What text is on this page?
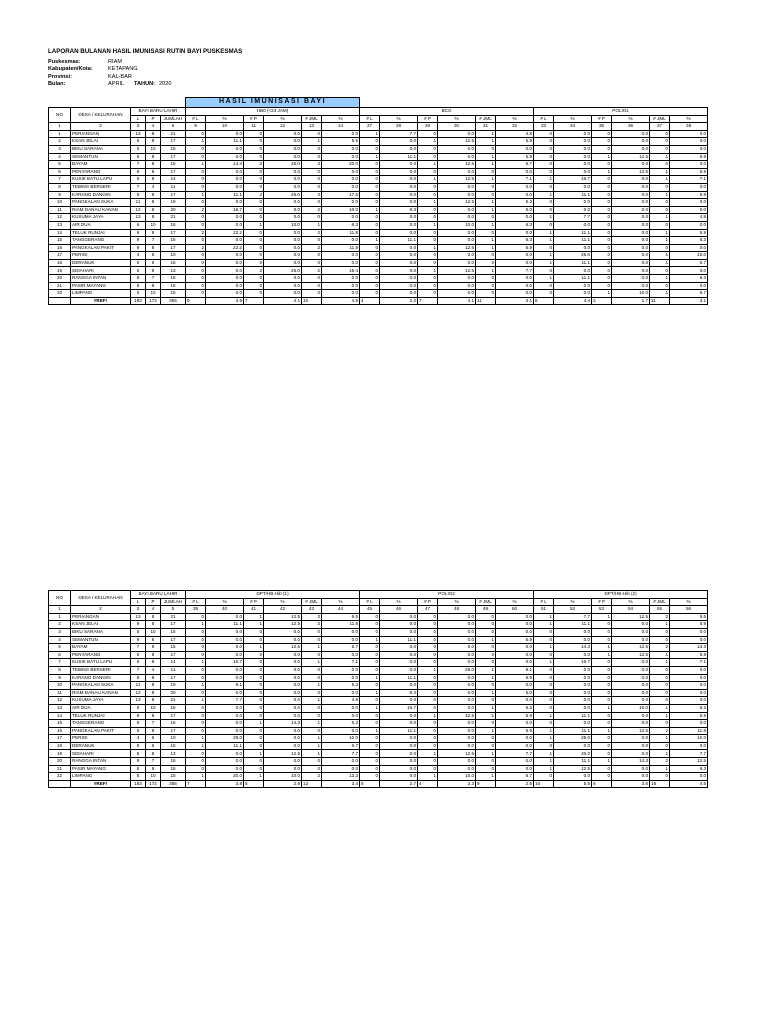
LAPORAN BULANAN HASIL IMUNISASI RUTIN BAYI PUSKESMAS
Puskesmas:	RIAM
Kabupaten/Kota:	KETAPANG
Provinsi:	KAL-BAR
Bulan:	APRIL	TAHUN: 2020
					HASIL IMUNISASI BAYI																	
NO	DESA / KELURAHAN	BAYI BARU LAHIR			HB0 (<24 JAM)						BCG						POLIO1					
		L	P	JUMLAH	# L	%	# P	%	# JML	%	# L	%	# P	%	# JML	%	# L	%	# P	%	# JML	%
1	2	3	4	5	9	10	11	12	13	14	27	28	29	30	31	32	33	34	35	36	37	38
1	PERIANGAN	13	8	21	0	0.0	0	0.0	0	0.0	1	7.7	0	0.0	1	4.8	0	0.0	0	0.0	0	0.0
2	KSAN JELAI	9	8	17	1	11.1	0	0.0	1	5.9	0	0.0	1	12.5	1	5.9	0	0.0	0	0.0	0	0.0
3	BIKU SARANA	5	10	15	0	0.0	0	0.0	0	0.0	0	0.0	0	0.0	0	0.0	0	0.0	0	0.0	0	0.0
4	SEMANTUN	9	8	17	0	0.0	0	0.0	0	0.0	1	11.1	0	0.0	1	5.9	0	0.0	1	12.5	1	5.9
5	BAYAM	7	8	15	1	14.3	2	25.0	3	20.0	0	0.0	1	12.5	1	6.7	0	0.0	0	0.0	0	0.0
6	PENYARANG	9	8	17	0	0.0	0	0.0	0	0.0	0	0.0	0	0.0	0	0.0	0	0.0	1	12.5	1	5.9
7	KUSIK BATU LAPU	6	8	14	0	0.0	0	0.0	0	0.0	0	0.0	1	12.5	1	7.1	1	16.7	0	0.0	1	7.1
8	TEBING BERSERI	7	4	11	0	0.0	0	0.0	0	0.0	0	0.0	0	0.0	0	0.0	0	0.0	0	0.0	0	0.0
9	KARANG DANGIN	9	8	17	1	11.1	2	25.0	3	17.6	0	0.0	0	0.0	0	0.0	1	11.1	0	0.0	1	5.9
10	PANGKALAN SUKA	11	8	19	0	0.0	0	0.0	0	0.0	0	0.0	1	12.5	1	5.3	0	0.0	0	0.0	0	0.0
11	RIAM DANAU KANAN	12	8	20	2	16.7	0	0.0	2	10.0	1	8.3	0	0.0	1	5.0	0	0.0	0	0.0	0	0.0
12	KUSUMA JAYA	13	8	21	0	0.0	0	0.0	0	0.0	0	0.0	0	0.0	0	0.0	1	7.7	0	0.0	1	4.8
13	AIR DUA	6	10	16	0	0.0	1	10.0	1	6.3	0	0.0	1	10.0	1	6.3	0	0.0	0	0.0	0	0.0
14	TELUK RUNJAI	9	8	17	2	22.2	0	0.0	2	11.8	0	0.0	0	0.0	0	0.0	1	11.1	0	0.0	1	5.9
15	TANGGERANG	9	7	16	0	0.0	0	0.0	0	0.0	1	11.1	0	0.0	1	6.3	1	11.1	0	0.0	1	6.3
16	PANGKALAN PAKIT	9	8	17	2	22.2	0	0.0	2	11.8	0	0.0	1	12.5	1	5.9	0	0.0	0	0.0	0	0.0
17	PERIGI	4	6	10	0	0.0	0	0.0	0	0.0	0	0.0	0	0.0	0	0.0	1	25.0	0	0.0	1	10.0
18	DERANUK	9	6	15	0	0.0	0	0.0	0	0.0	0	0.0	0	0.0	0	0.0	1	11.1	0	0.0	1	6.7
19	SIDAHARI	5	8	13	0	0.0	2	25.0	2	15.4	0	0.0	1	12.5	1	7.7	0	0.0	0	0.0	0	0.0
20	RANGGA INTAN	9	7	16	0	0.0	0	0.0	0	0.0	0	0.0	0	0.0	0	0.0	1	11.1	0	0.0	1	6.3
21	PASIR MAYANG	8	8	16	0	0.0	0	0.0	0	0.0	0	0.0	0	0.0	0	0.0	0	0.0	0	0.0	0	0.0
22	LIMPANG	5	10	15	0	0.0	0	0.0	0	0.0	0	0.0	0	0.0	0	0.0	0	0.0	1	10.0	1	6.7
	#REF!	183	172	355	9	4.9	7	4.1	16	4.5	4	2.2	7	4.1	11	3.1	8	4.4	3	1.7	11	3.1
NO	DESA / KELURAHAN	BAYI BARU LAHIR			DPT/HB-Hib (1)						POLIO2						DPT/HB-Hib (2)					
		L	P	JUMLAH	# L	%	# P	%	# JML	%	# L	%	# P	%	# JML	%	# L	%	# P	%	# JML	%
1	2	3	4	5	39	40	41	42	43	44	45	46	47	48	49	50	51	52	53	54	55	56
1	PERIANGAN	13	8	21	0	0.0	1	12.5	2	9.5	0	0.0	0	0.0	0	0.0	1	7.7	1	12.5	2	9.5
2	KSAN JELAI	9	8	17	1	11.1	1	12.5	2	11.8	0	0.0	0	0.0	0	0.0	1	11.1	0	0.0	1	5.9
3	BIKU SARANA	5	10	15	0	0.0	0	0.0	0	0.0	0	0.0	0	0.0	0	0.0	0	0.0	0	0.0	0	0.0
4	SEMANTUN	9	8	17	0	0.0	0	0.0	0	0.0	1	11.1	0	0.0	1	5.9	0	0.0	0	0.0	0	0.0
5	BAYAM	7	8	15	0	0.0	1	12.5	1	6.7	0	0.0	0	0.0	0	0.0	1	14.3	1	12.5	2	13.3
6	PENYARANG	9	8	17	0	0.0	0	0.0	0	0.0	0	0.0	0	0.0	0	0.0	0	0.0	1	12.5	1	5.9
7	KUSIK BATU LAPU	6	8	14	1	16.7	0	0.0	1	7.1	0	0.0	0	0.0	0	0.0	1	16.7	0	0.0	1	7.1
8	TEBING BERSERI	7	4	11	0	0.0	0	0.0	0	0.0	0	0.0	1	25.0	1	9.1	0	0.0	0	0.0	0	0.0
9	KARANG DANGIN	9	8	17	0	0.0	0	0.0	0	0.0	1	11.1	0	0.0	1	5.9	0	0.0	0	0.0	0	0.0
10	PANGKALAN SUKA	11	8	19	1	9.1	0	0.0	1	5.3	0	0.0	0	0.0	0	0.0	0	0.0	0	0.0	0	0.0
11	RIAM DANAU KANAN	12	8	20	0	0.0	0	0.0	0	0.0	1	8.3	0	0.0	1	5.0	0	0.0	0	0.0	0	0.0
12	KUSUMA JAYA	13	8	21	1	7.7	0	0.0	1	4.8	0	0.0	0	0.0	0	0.0	0	0.0	0	0.0	0	0.0
13	AIR DUA	6	10	16	0	0.0	0	0.0	0	0.0	1	16.7	0	0.0	1	6.3	0	0.0	1	10.0	1	6.3
14	TELUK RUNJAI	9	8	17	0	0.0	0	0.0	0	0.0	0	0.0	1	12.5	1	5.9	1	11.1	0	0.0	1	5.9
15	TANGGERANG	9	7	16	0	0.0	1	14.3	1	6.3	0	0.0	0	0.0	0	0.0	0	0.0	0	0.0	0	0.0
16	PANGKALAN PAKIT	9	8	17	0	0.0	0	0.0	0	0.0	1	11.1	0	0.0	1	5.9	1	11.1	1	12.5	2	11.8
17	PERIGI	4	6	10	1	25.0	0	0.0	1	10.0	0	0.0	0	0.0	0	0.0	1	25.0	0	0.0	1	10.0
18	DERANUK	9	6	15	1	11.1	0	0.0	1	6.7	0	0.0	0	0.0	0	0.0	0	0.0	0	0.0	0	0.0
19	SIDAHARI	5	8	13	0	0.0	1	12.5	1	7.7	0	0.0	1	12.5	1	7.7	1	20.0	0	0.0	1	7.7
20	RANGGA INTAN	9	7	16	0	0.0	0	0.0	0	0.0	0	0.0	0	0.0	0	0.0	1	11.1	1	14.3	2	12.5
21	PASIR MAYANG	8	8	16	0	0.0	0	0.0	0	0.0	0	0.0	0	0.0	0	0.0	1	12.5	0	0.0	1	6.3
22	LIMPANG	5	10	15	1	20.0	1	10.0	2	13.3	0	0.0	1	10.0	1	6.7	0	0.0	0	0.0	0	0.0
	#REF!	183	172	355	7	3.8	5	2.9	12	3.4	5	2.7	4	2.3	9	2.5	10	5.5	6	3.5	16	4.5
